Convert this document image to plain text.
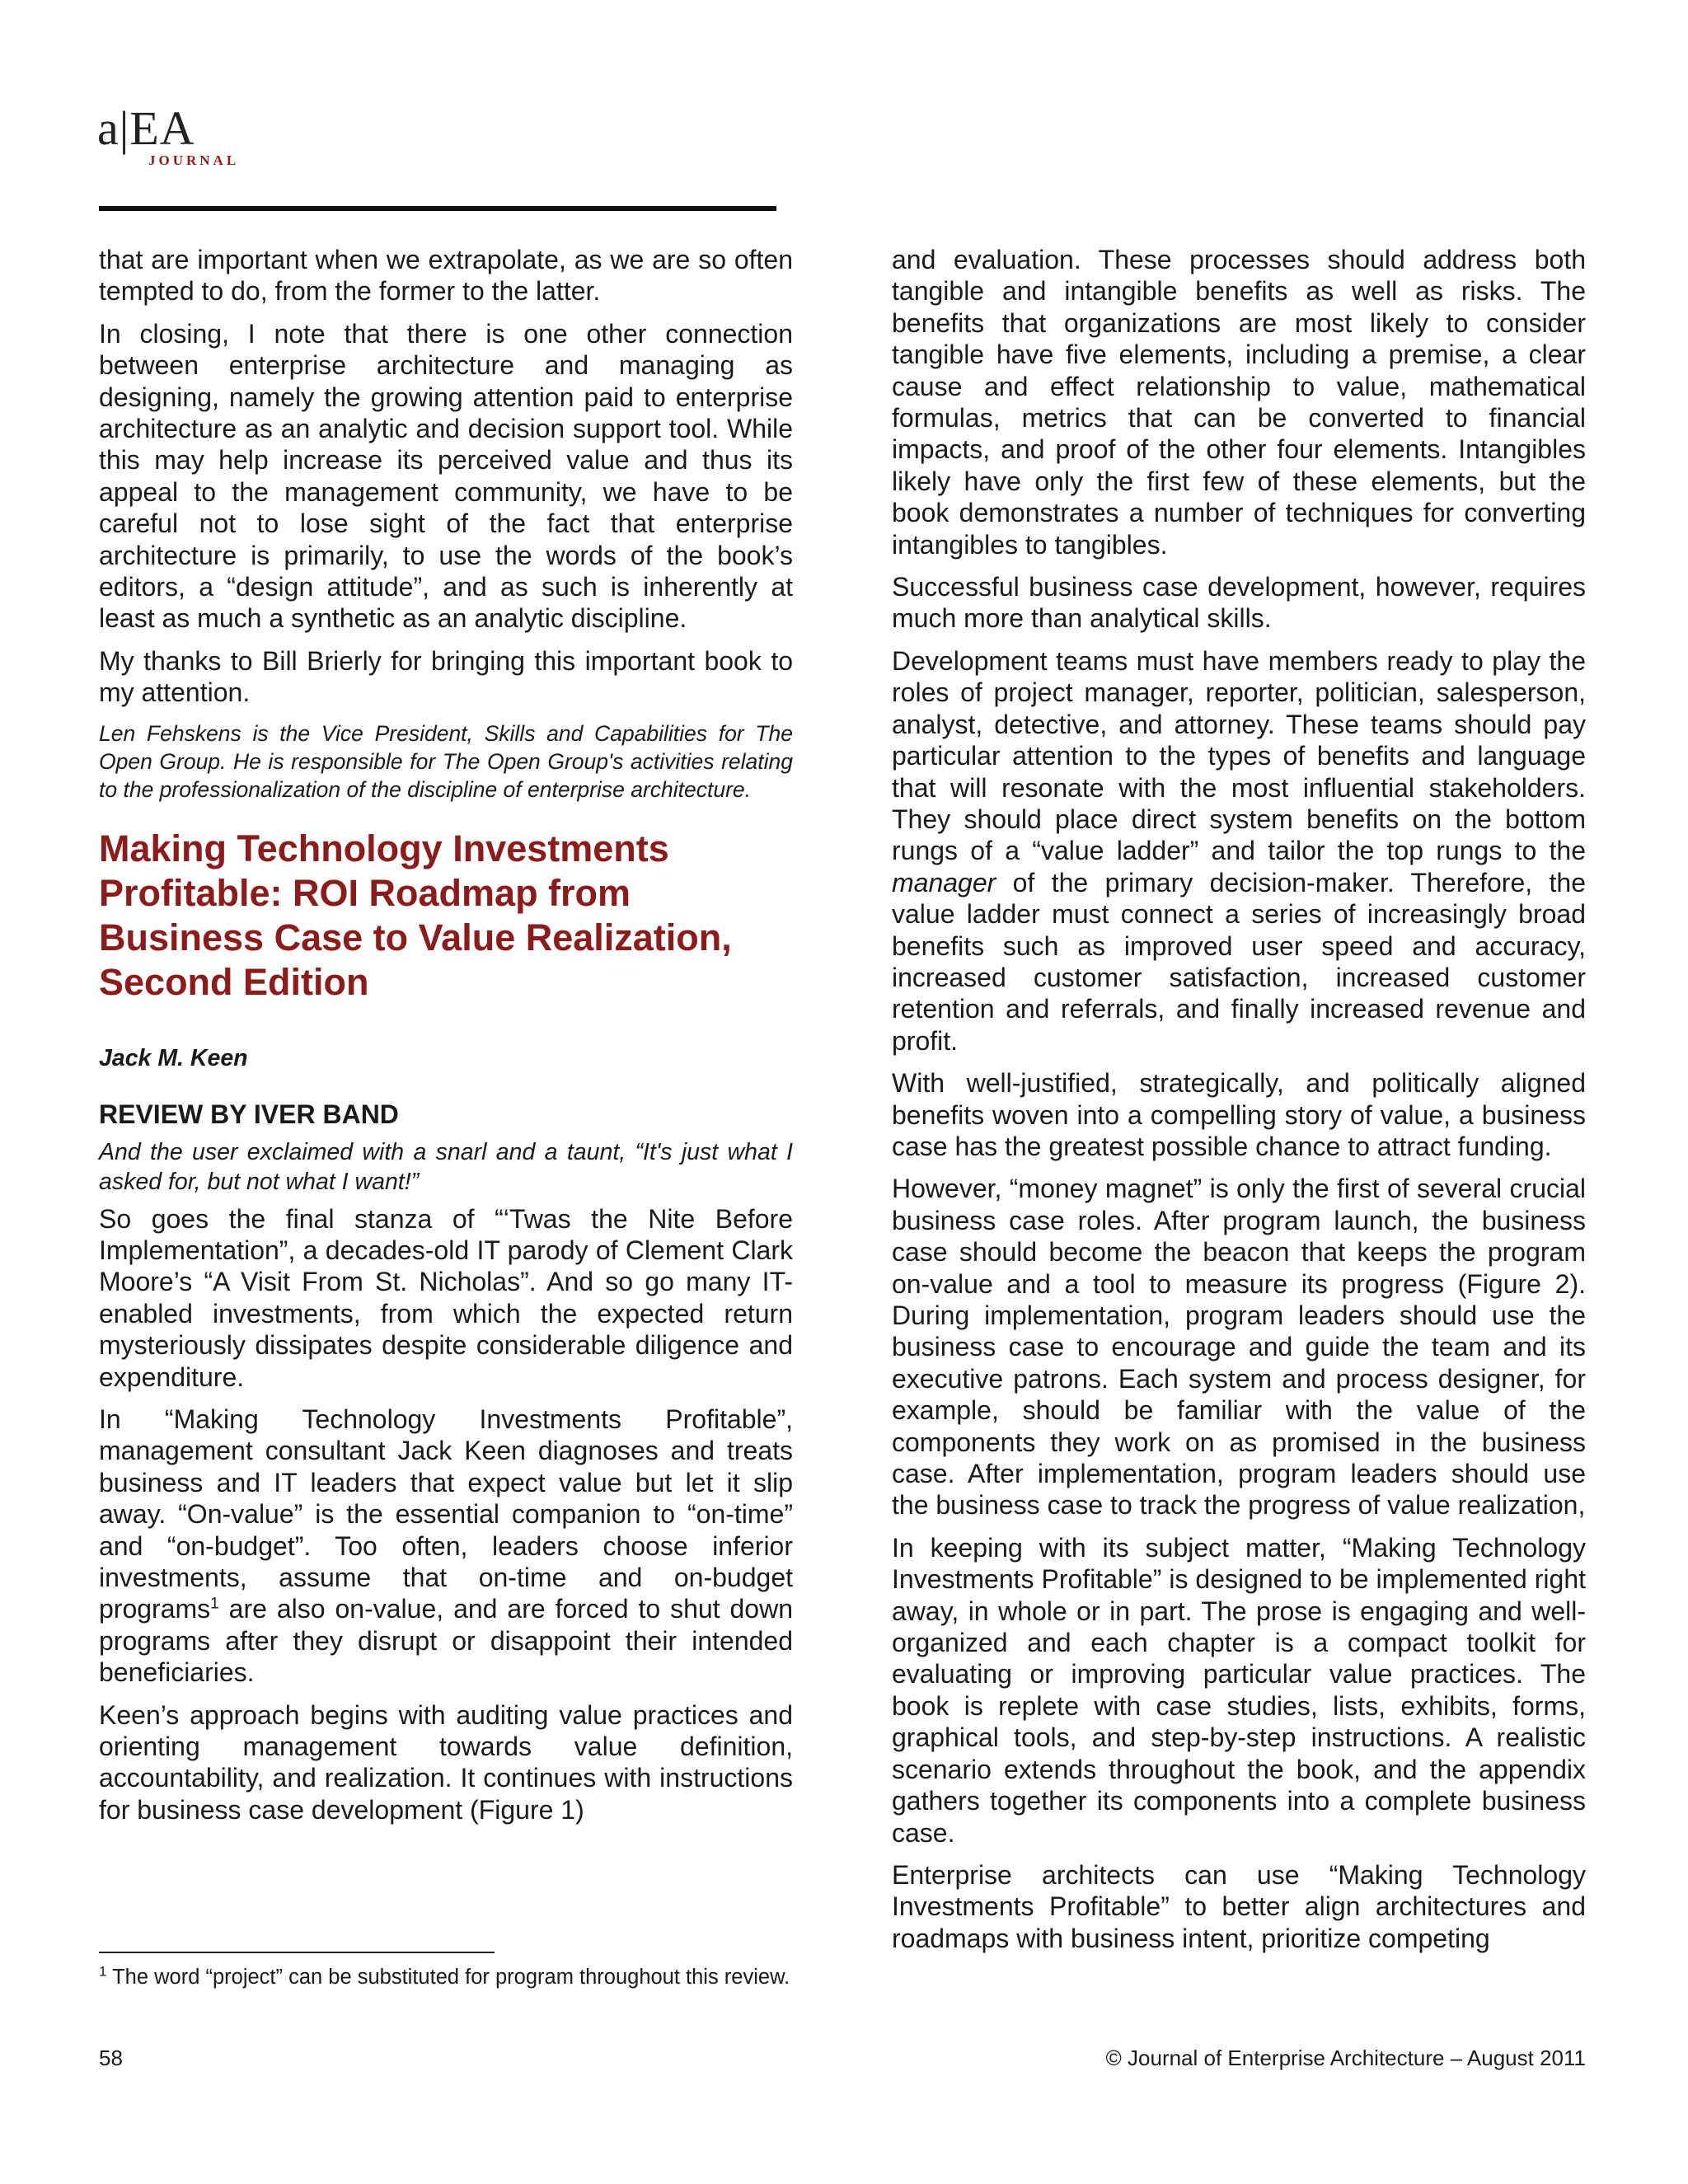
a|EA
JOURNAL

that are important when we extrapolate, as we are so often tempted to do, from the former to the latter.

In closing, I note that there is one other connection between enterprise architecture and managing as designing, namely the growing attention paid to enterprise architecture as an analytic and decision support tool. While this may help increase its perceived value and thus its appeal to the management community, we have to be careful not to lose sight of the fact that enterprise architecture is primarily, to use the words of the book’s editors, a “design attitude”, and as such is inherently at least as much a synthetic as an analytic discipline.

My thanks to Bill Brierly for bringing this important book to my attention.

Len Fehskens is the Vice President, Skills and Capabilities for The Open Group. He is responsible for The Open Group's activities relating to the professionalization of the discipline of enterprise architecture.

Making Technology Investments Profitable: ROI Roadmap from Business Case to Value Realization, Second Edition

Jack M. Keen

REVIEW BY IVER BAND

And the user exclaimed with a snarl and a taunt, “It's just what I asked for, but not what I want!”

So goes the final stanza of “‘Twas the Nite Before Implementation”, a decades-old IT parody of Clement Clark Moore’s “A Visit From St. Nicholas”. And so go many IT-enabled investments, from which the expected return mysteriously dissipates despite considerable diligence and expenditure.

In “Making Technology Investments Profitable”, management consultant Jack Keen diagnoses and treats business and IT leaders that expect value but let it slip away. “On-value” is the essential companion to “on-time” and “on-budget”. Too often, leaders choose inferior investments, assume that on-time and on-budget programs$^1$ are also on-value, and are forced to shut down programs after they disrupt or disappoint their intended beneficiaries.

Keen’s approach begins with auditing value practices and orienting management towards value definition, accountability, and realization. It continues with instructions for business case development (Figure 1)

and evaluation. These processes should address both tangible and intangible benefits as well as risks. The benefits that organizations are most likely to consider tangible have five elements, including a premise, a clear cause and effect relationship to value, mathematical formulas, metrics that can be converted to financial impacts, and proof of the other four elements. Intangibles likely have only the first few of these elements, but the book demonstrates a number of techniques for converting intangibles to tangibles.

Successful business case development, however, requires much more than analytical skills.

Development teams must have members ready to play the roles of project manager, reporter, politician, salesperson, analyst, detective, and attorney. These teams should pay particular attention to the types of benefits and language that will resonate with the most influential stakeholders. They should place direct system benefits on the bottom rungs of a “value ladder” and tailor the top rungs to the manager of the primary decision-maker. Therefore, the value ladder must connect a series of increasingly broad benefits such as improved user speed and accuracy, increased customer satisfaction, increased customer retention and referrals, and finally increased revenue and profit.

With well-justified, strategically, and politically aligned benefits woven into a compelling story of value, a business case has the greatest possible chance to attract funding.

However, “money magnet” is only the first of several crucial business case roles. After program launch, the business case should become the beacon that keeps the program on-value and a tool to measure its progress (Figure 2). During implementation, program leaders should use the business case to encourage and guide the team and its executive patrons. Each system and process designer, for example, should be familiar with the value of the components they work on as promised in the business case. After implementation, program leaders should use the business case to track the progress of value realization,

In keeping with its subject matter, “Making Technology Investments Profitable” is designed to be implemented right away, in whole or in part. The prose is engaging and well-organized and each chapter is a compact toolkit for evaluating or improving particular value practices. The book is replete with case studies, lists, exhibits, forms, graphical tools, and step-by-step instructions. A realistic scenario extends throughout the book, and the appendix gathers together its components into a complete business case.

Enterprise architects can use “Making Technology Investments Profitable” to better align architectures and roadmaps with business intent, prioritize competing

$^1$ The word “project” can be substituted for program throughout this review.
58	© Journal of Enterprise Architecture – August 2011
